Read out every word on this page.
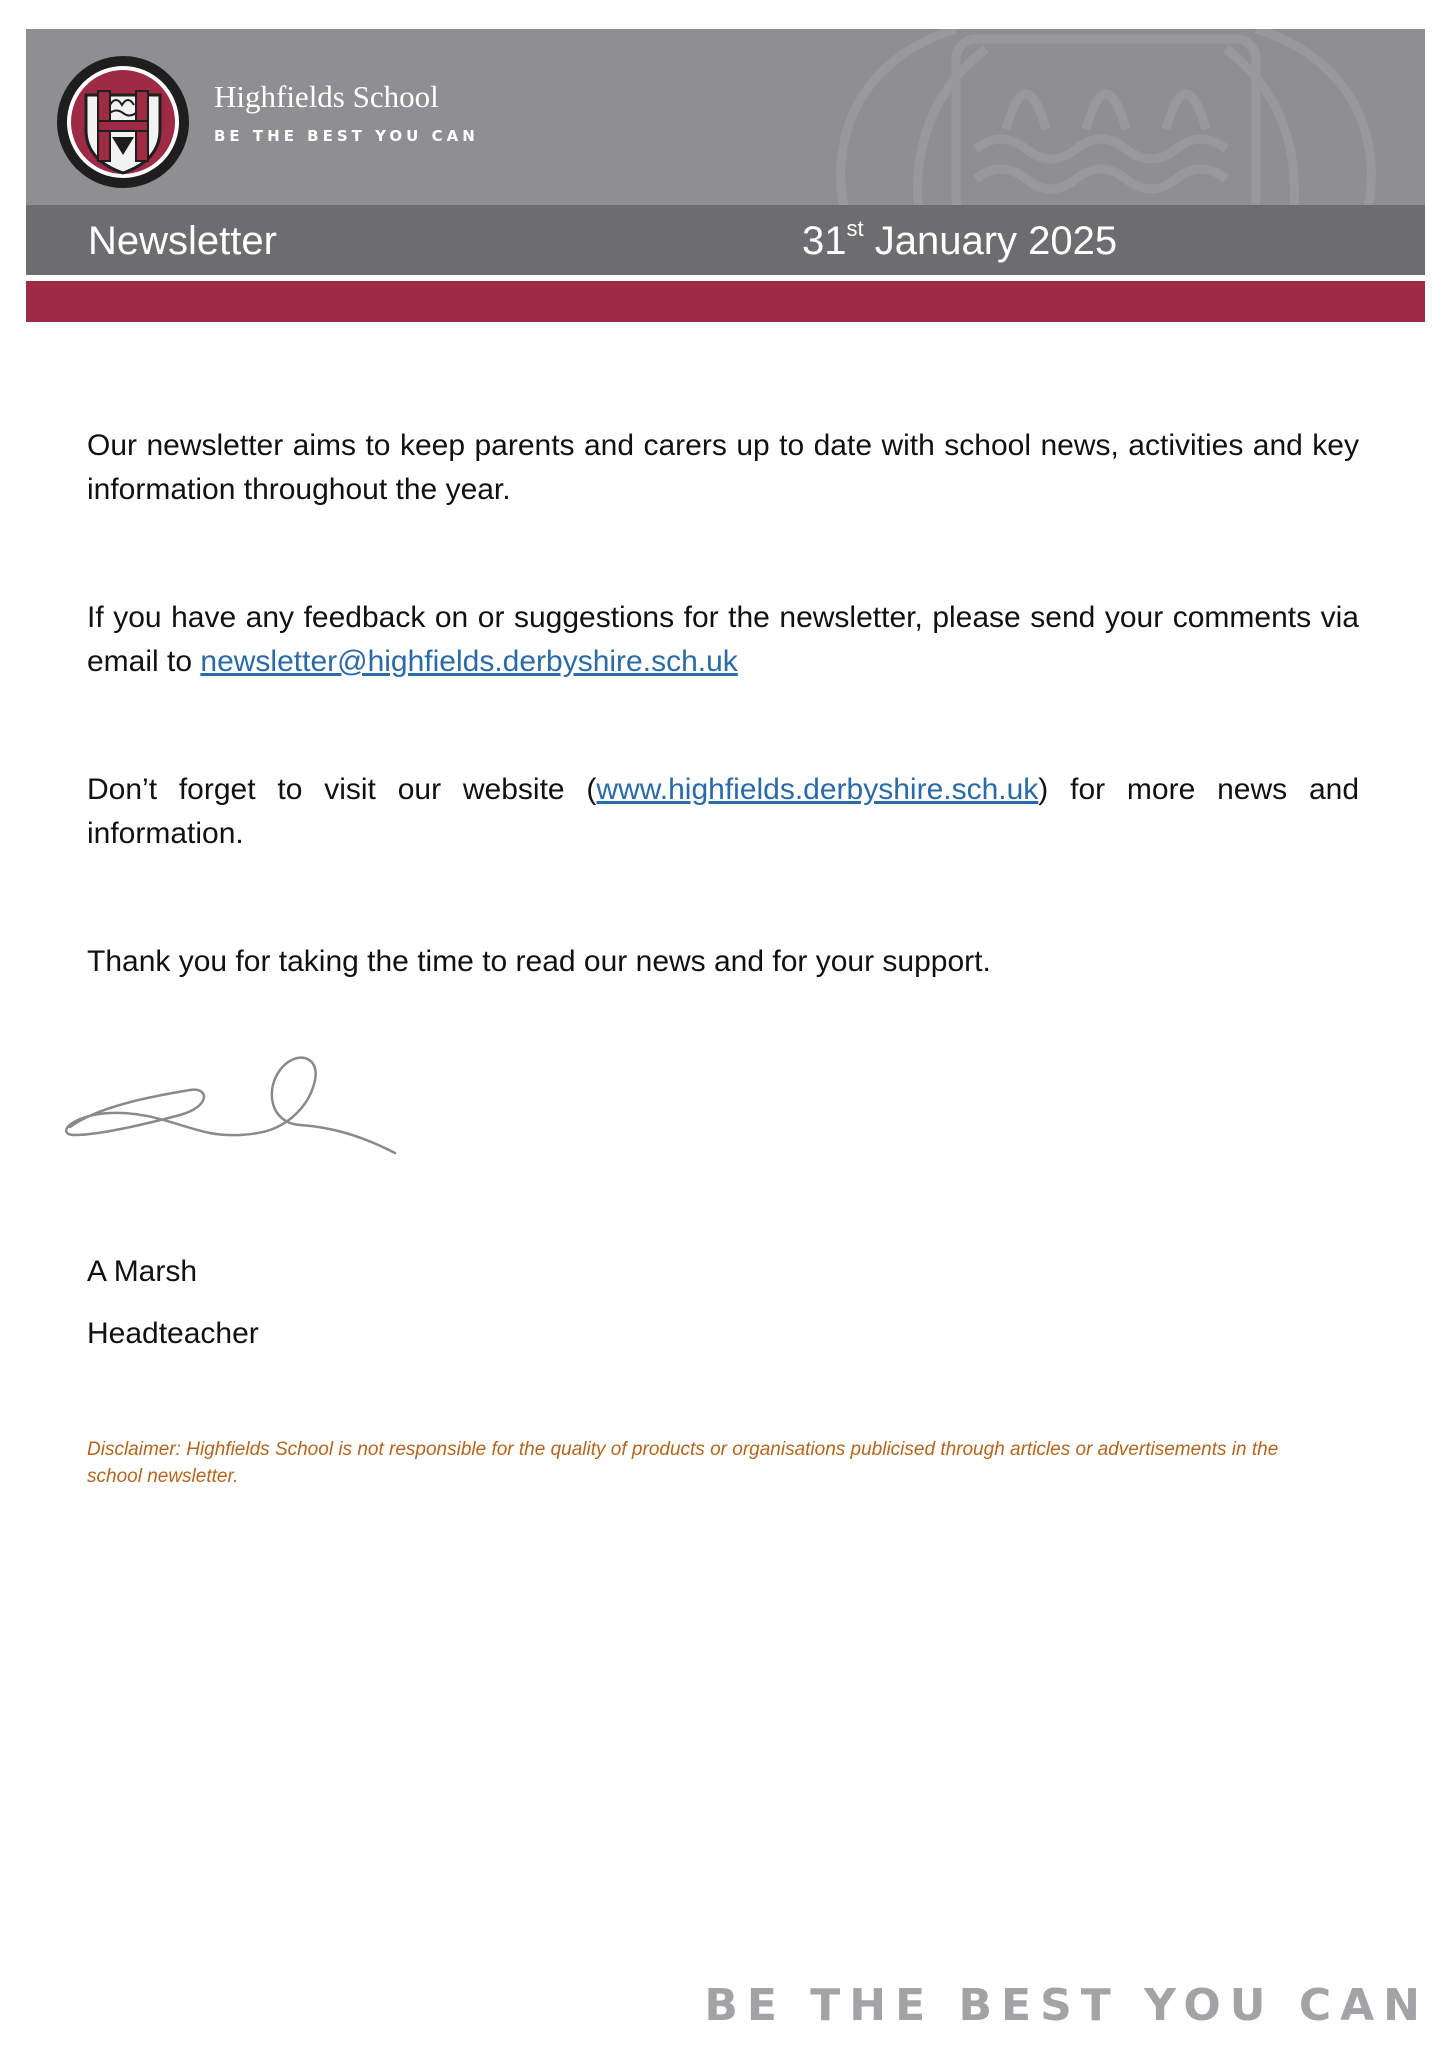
Highfields School
BE THE BEST YOU CAN
Newsletter	31st January 2025

Our newsletter aims to keep parents and carers up to date with school news, activities and key information throughout the year.

If you have any feedback on or suggestions for the newsletter, please send your comments via email to newsletter@highfields.derbyshire.sch.uk

Don’t forget to visit our website (www.highfields.derbyshire.sch.uk) for more news and information.

Thank you for taking the time to read our news and for your support.

A Marsh
Headteacher

Disclaimer: Highfields School is not responsible for the quality of products or organisations publicised through articles or advertisements in the school newsletter.

BE THE BEST YOU CAN
